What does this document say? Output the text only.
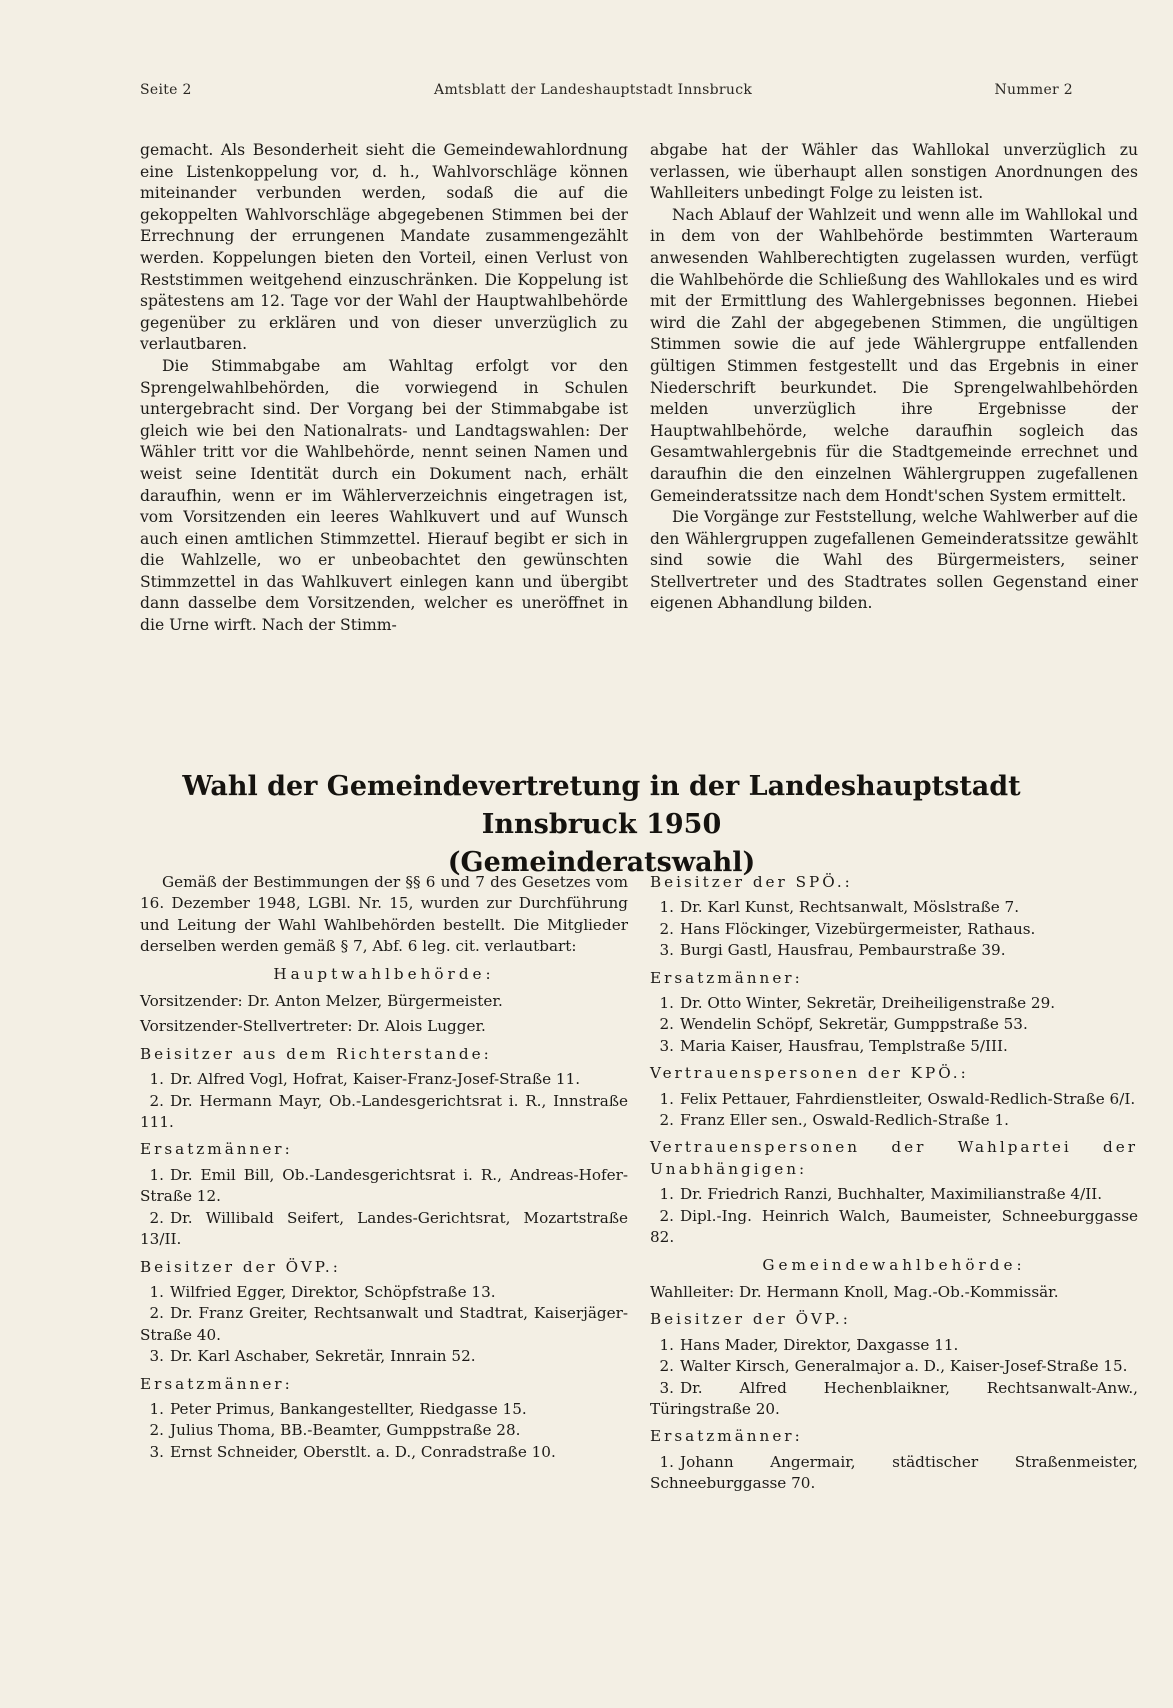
Seite 2	Amtsblatt der Landeshauptstadt Innsbruck	Nummer 2

gemacht. Als Besonderheit sieht die Gemeindewahlordnung eine Listenkoppelung vor, d. h., Wahlvorschläge können miteinander verbunden werden, sodaß die auf die gekoppelten Wahlvorschläge abgegebenen Stimmen bei der Errechnung der errungenen Mandate zusammengezählt werden. Koppelungen bieten den Vorteil, einen Verlust von Reststimmen weitgehend einzuschränken. Die Koppelung ist spätestens am 12. Tage vor der Wahl der Hauptwahlbehörde gegenüber zu erklären und von dieser unverzüglich zu verlautbaren.

Die Stimmabgabe am Wahltag erfolgt vor den Sprengelwahlbehörden, die vorwiegend in Schulen untergebracht sind. Der Vorgang bei der Stimmabgabe ist gleich wie bei den Nationalrats- und Landtagswahlen: Der Wähler tritt vor die Wahlbehörde, nennt seinen Namen und weist seine Identität durch ein Dokument nach, erhält daraufhin, wenn er im Wählerverzeichnis eingetragen ist, vom Vorsitzenden ein leeres Wahlkuvert und auf Wunsch auch einen amtlichen Stimmzettel. Hierauf begibt er sich in die Wahlzelle, wo er unbeobachtet den gewünschten Stimmzettel in das Wahlkuvert einlegen kann und übergibt dann dasselbe dem Vorsitzenden, welcher es uneröffnet in die Urne wirft. Nach der Stimm-

abgabe hat der Wähler das Wahllokal unverzüglich zu verlassen, wie überhaupt allen sonstigen Anordnungen des Wahlleiters unbedingt Folge zu leisten ist.

Nach Ablauf der Wahlzeit und wenn alle im Wahllokal und in dem von der Wahlbehörde bestimmten Warteraum anwesenden Wahlberechtigten zugelassen wurden, verfügt die Wahlbehörde die Schließung des Wahllokales und es wird mit der Ermittlung des Wahlergebnisses begonnen. Hiebei wird die Zahl der abgegebenen Stimmen, die ungültigen Stimmen sowie die auf jede Wählergruppe entfallenden gültigen Stimmen festgestellt und das Ergebnis in einer Niederschrift beurkundet. Die Sprengelwahlbehörden melden unverzüglich ihre Ergebnisse der Hauptwahlbehörde, welche daraufhin sogleich das Gesamtwahlergebnis für die Stadtgemeinde errechnet und daraufhin die den einzelnen Wählergruppen zugefallenen Gemeinderatssitze nach dem Hondt'schen System ermittelt.

Die Vorgänge zur Feststellung, welche Wahlwerber auf die den Wählergruppen zugefallenen Gemeinderatssitze gewählt sind sowie die Wahl des Bürgermeisters, seiner Stellvertreter und des Stadtrates sollen Gegenstand einer eigenen Abhandlung bilden.

Wahl der Gemeindevertretung in der Landeshauptstadt Innsbruck 1950
(Gemeinderatswahl)

Gemäß der Bestimmungen der §§ 6 und 7 des Gesetzes vom 16. Dezember 1948, LGBl. Nr. 15, wurden zur Durchführung und Leitung der Wahl Wahlbehörden bestellt. Die Mitglieder derselben werden gemäß § 7, Abf. 6 leg. cit. verlautbart:

Hauptwahlbehörde:
Vorsitzender: Dr. Anton Melzer, Bürgermeister.
Vorsitzender-Stellvertreter: Dr. Alois Lugger.
Beisitzer aus dem Richterstande:
1. Dr. Alfred Vogl, Hofrat, Kaiser-Franz-Josef-Straße 11.
2. Dr. Hermann Mayr, Ob.-Landesgerichtsrat i. R., Innstraße 111.
Ersatzmänner:
1. Dr. Emil Bill, Ob.-Landesgerichtsrat i. R., Andreas-Hofer-Straße 12.
2. Dr. Willibald Seifert, Landes-Gerichtsrat, Mozartstraße 13/II.
Beisitzer der ÖVP.:
1. Wilfried Egger, Direktor, Schöpfstraße 13.
2. Dr. Franz Greiter, Rechtsanwalt und Stadtrat, Kaiserjäger-Straße 40.
3. Dr. Karl Aschaber, Sekretär, Innrain 52.
Ersatzmänner:
1. Peter Primus, Bankangestellter, Riedgasse 15.
2. Julius Thoma, BB.-Beamter, Gumppstraße 28.
3. Ernst Schneider, Oberstlt. a. D., Conradstraße 10.
Beisitzer der SPÖ.:
1. Dr. Karl Kunst, Rechtsanwalt, Möslstraße 7.
2. Hans Flöckinger, Vizebürgermeister, Rathaus.
3. Burgi Gastl, Hausfrau, Pembaurstraße 39.
Ersatzmänner:
1. Dr. Otto Winter, Sekretär, Dreiheiligenstraße 29.
2. Wendelin Schöpf, Sekretär, Gumppstraße 53.
3. Maria Kaiser, Hausfrau, Templstraße 5/III.
Vertrauenspersonen der KPÖ.:
1. Felix Pettauer, Fahrdienstleiter, Oswald-Redlich-Straße 6/I.
2. Franz Eller sen., Oswald-Redlich-Straße 1.
Vertrauenspersonen der Wahlpartei der Unabhängigen:
1. Dr. Friedrich Ranzi, Buchhalter, Maximilianstraße 4/II.
2. Dipl.-Ing. Heinrich Walch, Baumeister, Schneeburggasse 82.
Gemeindewahlbehörde:
Wahlleiter: Dr. Hermann Knoll, Mag.-Ob.-Kommissär.
Beisitzer der ÖVP.:
1. Hans Mader, Direktor, Daxgasse 11.
2. Walter Kirsch, Generalmajor a. D., Kaiser-Josef-Straße 15.
3. Dr. Alfred Hechenblaikner, Rechtsanwalt-Anw., Türingstraße 20.
Ersatzmänner:
1. Johann Angermair, städtischer Straßenmeister, Schneeburggasse 70.
